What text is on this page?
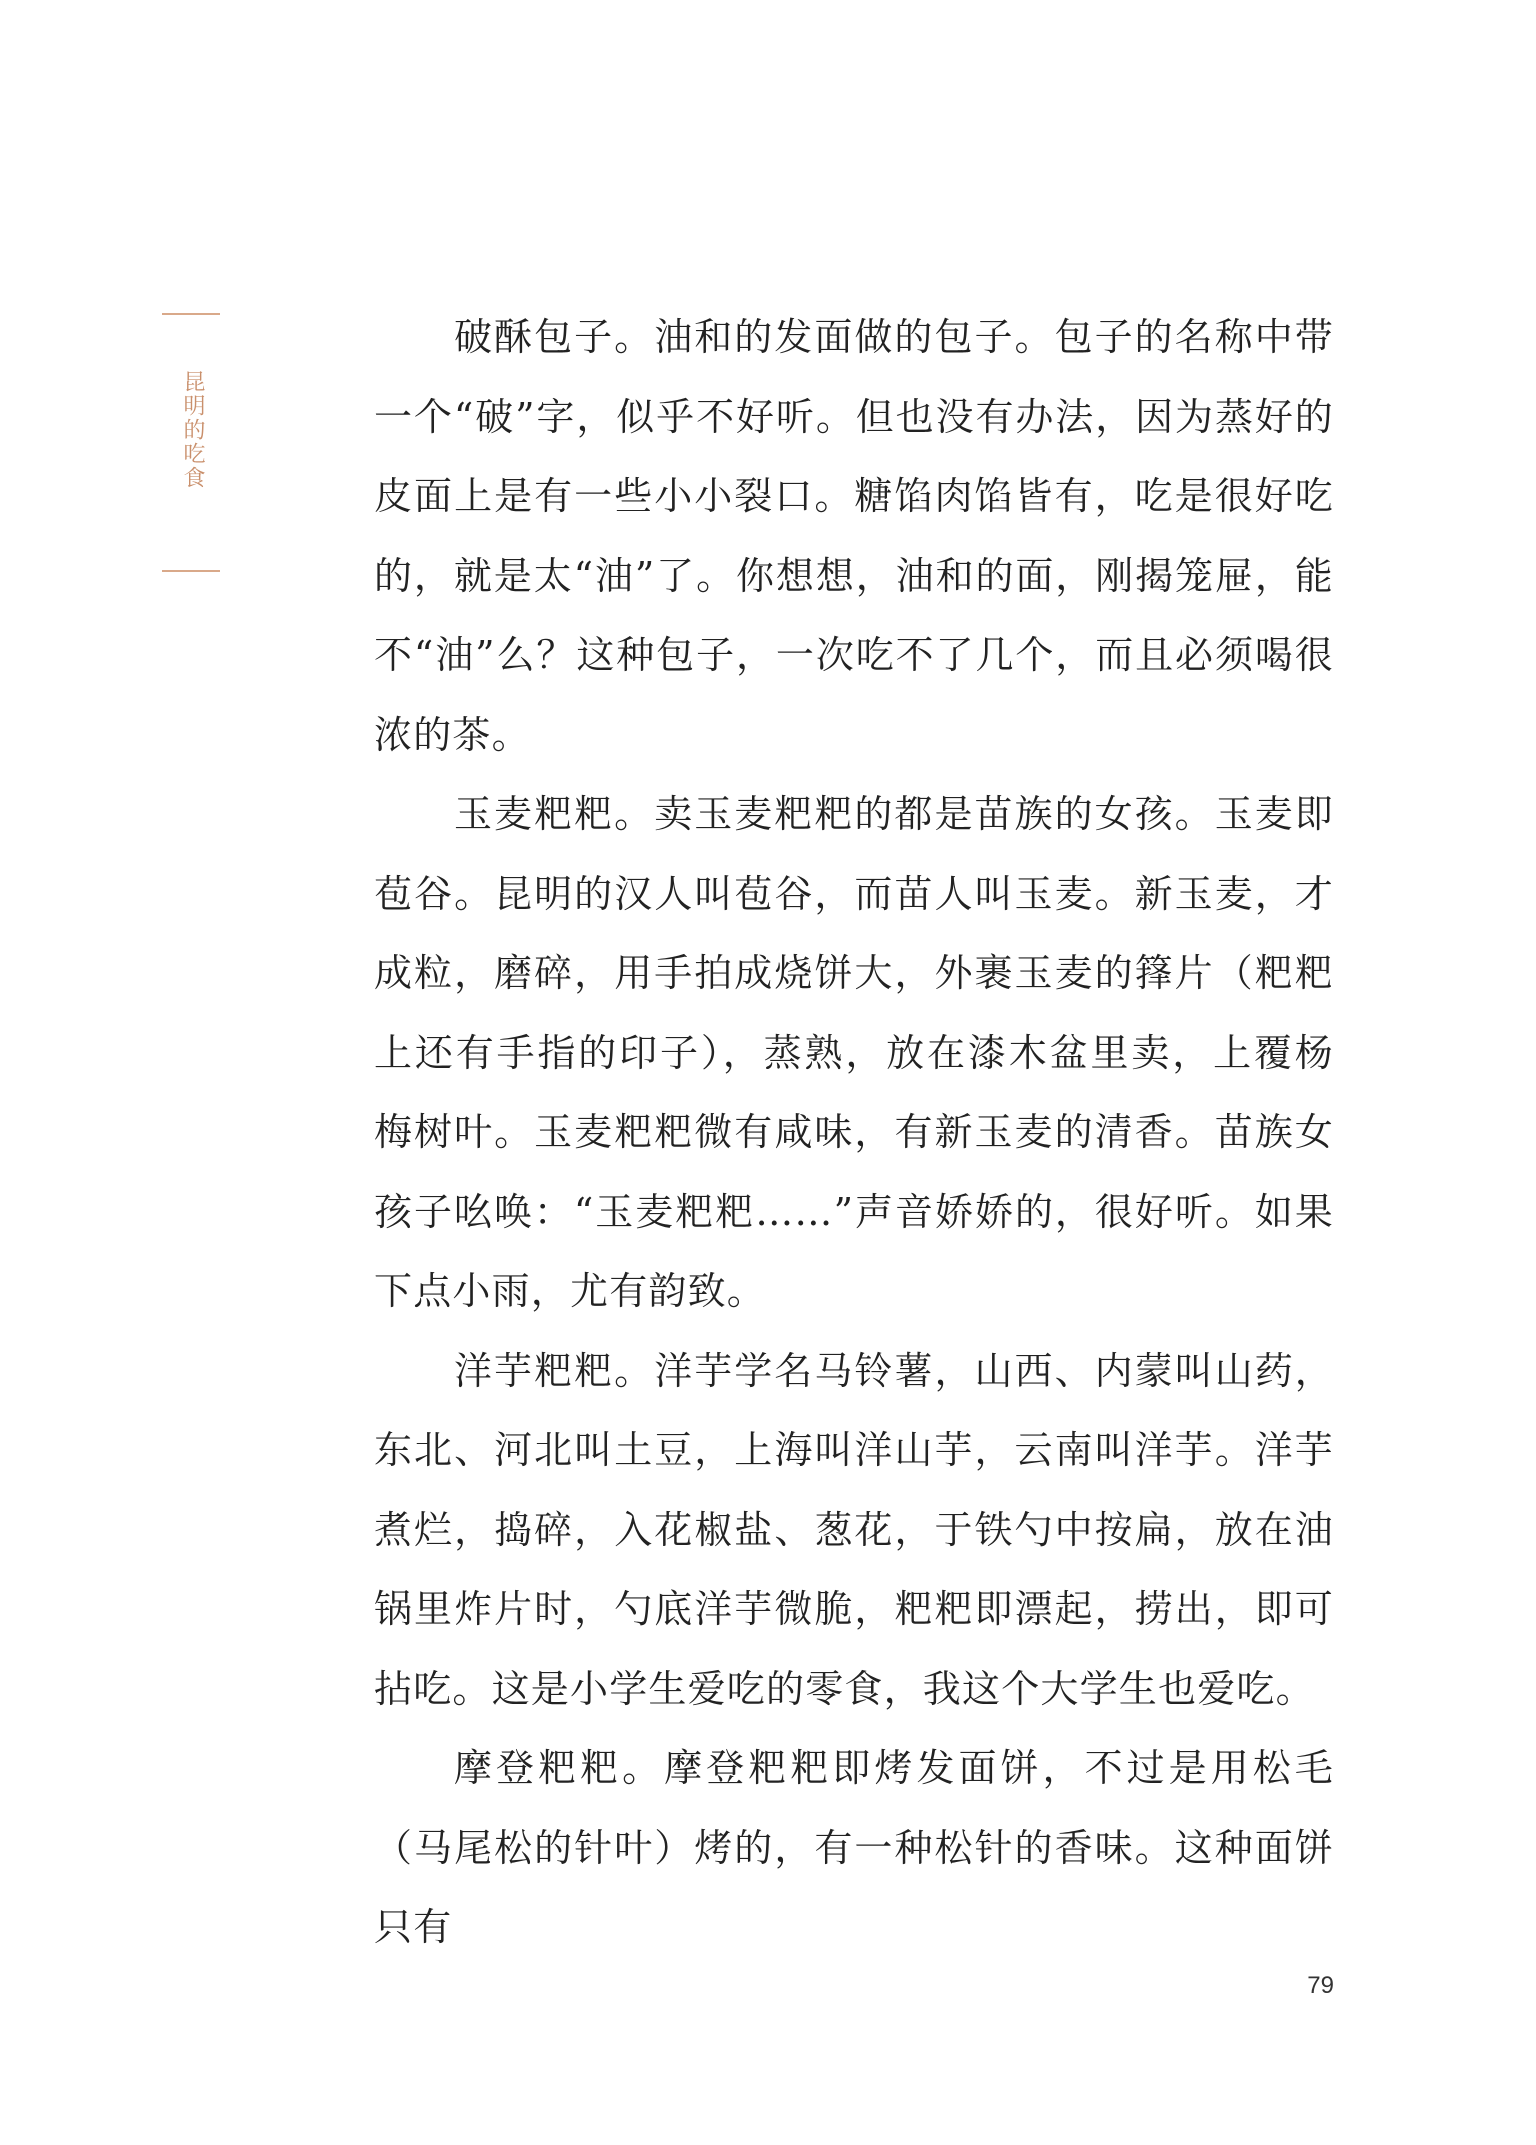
昆明的吃食

破酥包子。油和的发面做的包子。包子的名称中带一个“破”字，似乎不好听。但也没有办法，因为蒸好的皮面上是有一些小小裂口。糖馅肉馅皆有，吃是很好吃的，就是太“油”了。你想想，油和的面，刚揭笼屉，能不“油”么？这种包子，一次吃不了几个，而且必须喝很浓的茶。

玉麦粑粑。卖玉麦粑粑的都是苗族的女孩。玉麦即苞谷。昆明的汉人叫苞谷，而苗人叫玉麦。新玉麦，才成粒，磨碎，用手拍成烧饼大，外裹玉麦的箨片（粑粑上还有手指的印子），蒸熟，放在漆木盆里卖，上覆杨梅树叶。玉麦粑粑微有咸味，有新玉麦的清香。苗族女孩子吆唤：“玉麦粑粑……”声音娇娇的，很好听。如果下点小雨，尤有韵致。

洋芋粑粑。洋芋学名马铃薯，山西、内蒙叫山药，东北、河北叫土豆，上海叫洋山芋，云南叫洋芋。洋芋煮烂，捣碎，入花椒盐、葱花，于铁勺中按扁，放在油锅里炸片时，勺底洋芋微脆，粑粑即漂起，捞出，即可拈吃。这是小学生爱吃的零食，我这个大学生也爱吃。

摩登粑粑。摩登粑粑即烤发面饼，不过是用松毛（马尾松的针叶）烤的，有一种松针的香味。这种面饼只有

79
